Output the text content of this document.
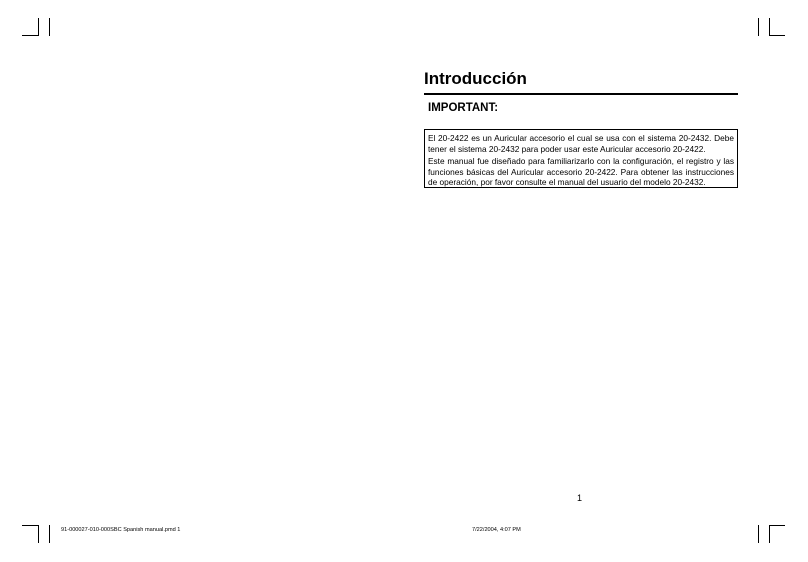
Introducción
IMPORTANT:

El 20-2422 es un Auricular accesorio el cual se usa con el sistema 20-2432. Debe tener el sistema 20-2432 para poder usar este Auricular accesorio 20-2422.

Este manual fue diseñado para familiarizarlo con la configuración, el registro y las funciones básicas del Auricular accesorio 20-2422. Para obtener las instrucciones de operación, por favor consulte el manual del usuario del modelo 20-2432.

1
91-000027-010-000SBC Spanish manual.pmd 1	7/22/2004, 4:07 PM
